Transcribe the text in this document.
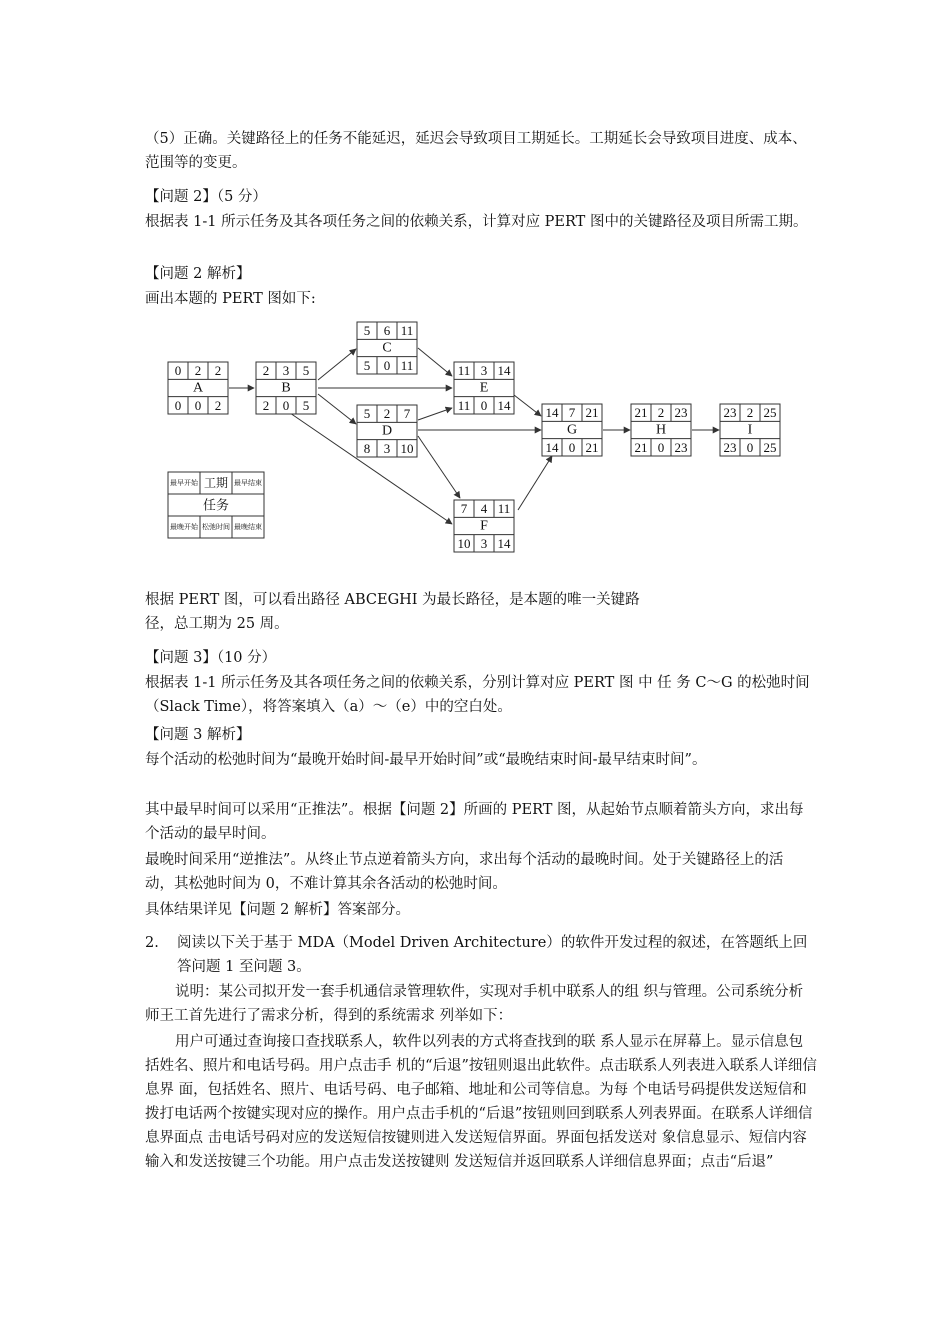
（5）正确。关键路径上的任务不能延迟，延迟会导致项目工期延长。工期延长会导致项目进度、成本、范围等的变更。

【问题 2】（5 分）

根据表 1-1 所示任务及其各项任务之间的依赖关系，计算对应 PERT 图中的关键路径及项目所需工期。

【问题 2 解析】

画出本题的 PERT 图如下:

0 2 2
A
0 0 2
2 3 5
B
2 0 5
5 6 11
C
5 0 11
5 2 7
D
8 3 10
11 3 14
E
11 0 14
7 4 11
F
10 3 14
14 7 21
G
14 0 21
21 2 23
H
21 0 23
23 2 25
I
23 0 25
最早开始 工期 最早结束
任务
最晚开始 松弛时间 最晚结束

根据 PERT 图，可以看出路径 ABCEGHI 为最长路径，是本题的唯一关键路径，总工期为 25 周。

【问题 3】（10 分）

根据表 1-1 所示任务及其各项任务之间的依赖关系，分别计算对应 PERT 图 中 任 务 C～G 的松弛时间（Slack Time），将答案填入（a）～（e）中的空白处。

【问题 3 解析】

每个活动的松弛时间为“最晚开始时间-最早开始时间”或“最晚结束时间-最早结束时间”。

其中最早时间可以采用“正推法”。根据【问题 2】所画的 PERT 图，从起始节点顺着箭头方向，求出每个活动的最早时间。

最晚时间采用“逆推法”。从终止节点逆着箭头方向，求出每个活动的最晚时间。处于关键路径上的活动，其松弛时间为 0，不难计算其余各活动的松弛时间。

具体结果详见【问题 2 解析】答案部分。

2. 阅读以下关于基于 MDA（Model Driven Architecture）的软件开发过程的叙述，在答题纸上回答问题 1 至问题 3。

说明：某公司拟开发一套手机通信录管理软件，实现对手机中联系人的组 织与管理。公司系统分析师王工首先进行了需求分析，得到的系统需求 列举如下：

用户可通过查询接口查找联系人，软件以列表的方式将查找到的联 系人显示在屏幕上。显示信息包括姓名、照片和电话号码。用户点击手 机的“后退”按钮则退出此软件。点击联系人列表进入联系人详细信息界 面，包括姓名、照片、电话号码、电子邮箱、地址和公司等信息。为每 个电话号码提供发送短信和拨打电话两个按键实现对应的操作。用户点击手机的“后退”按钮则回到联系人列表界面。在联系人详细信息界面点 击电话号码对应的发送短信按键则进入发送短信界面。界面包括发送对 象信息显示、短信内容输入和发送按键三个功能。用户点击发送按键则 发送短信并返回联系人详细信息界面；点击“后退”
